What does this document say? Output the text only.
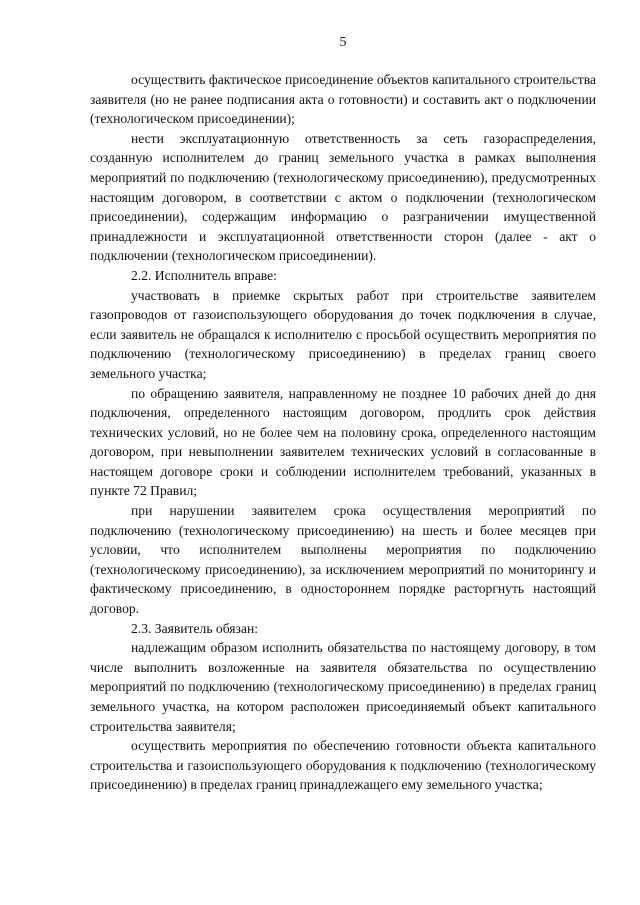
5

осуществить фактическое присоединение объектов капитального строительства заявителя (но не ранее подписания акта о готовности) и составить акт о подключении (технологическом присоединении);

нести эксплуатационную ответственность за сеть газораспределения, созданную исполнителем до границ земельного участка в рамках выполнения мероприятий по подключению (технологическому присоединению), предусмотренных настоящим договором, в соответствии с актом о подключении (технологическом присоединении), содержащим информацию о разграничении имущественной принадлежности и эксплуатационной ответственности сторон (далее - акт о подключении (технологическом присоединении).

2.2. Исполнитель вправе:

участвовать в приемке скрытых работ при строительстве заявителем газопроводов от газоиспользующего оборудования до точек подключения в случае, если заявитель не обращался к исполнителю с просьбой осуществить мероприятия по подключению (технологическому присоединению) в пределах границ своего земельного участка;

по обращению заявителя, направленному не позднее 10 рабочих дней до дня подключения, определенного настоящим договором, продлить срок действия технических условий, но не более чем на половину срока, определенного настоящим договором, при невыполнении заявителем технических условий в согласованные в настоящем договоре сроки и соблюдении исполнителем требований, указанных в пункте 72 Правил;

при нарушении заявителем срока осуществления мероприятий по подключению (технологическому присоединению) на шесть и более месяцев при условии, что исполнителем выполнены мероприятия по подключению (технологическому присоединению), за исключением мероприятий по мониторингу и фактическому присоединению, в одностороннем порядке расторгнуть настоящий договор.

2.3. Заявитель обязан:

надлежащим образом исполнить обязательства по настоящему договору, в том числе выполнить возложенные на заявителя обязательства по осуществлению мероприятий по подключению (технологическому присоединению) в пределах границ земельного участка, на котором расположен присоединяемый объект капитального строительства заявителя;

осуществить мероприятия по обеспечению готовности объекта капитального строительства и газоиспользующего оборудования к подключению (технологическому присоединению) в пределах границ принадлежащего ему земельного участка;
